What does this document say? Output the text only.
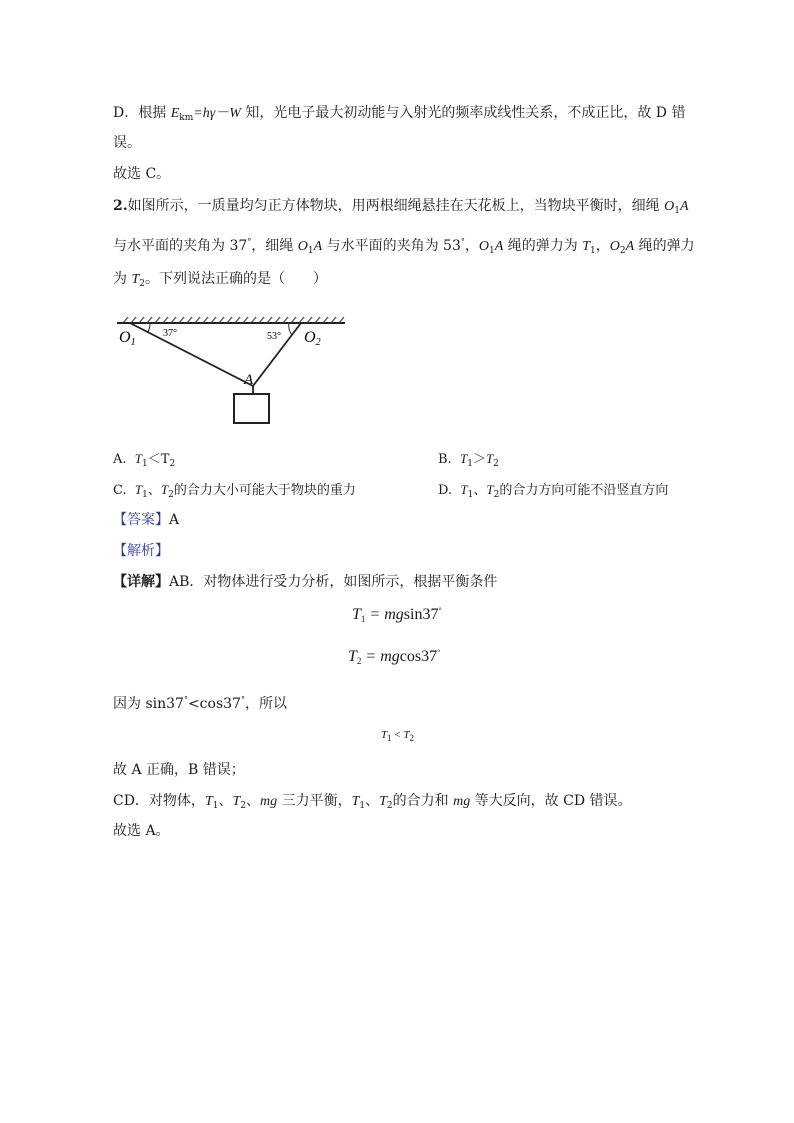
D．根据 $E_{km}=h\gamma-W$ 知，光电子最大初动能与入射光的频率成线性关系，不成正比，故 D 错
误。
故选 C。
2.如图所示，一质量均匀正方体物块，用两根细绳悬挂在天花板上，当物块平衡时，细绳 $O_1A$
与水平面的夹角为 37°，细绳 $O_1A$ 与水平面的夹角为 53°，$O_1A$ 绳的弹力为 $T_1$，$O_2A$ 绳的弹力
为 $T_2$。下列说法正确的是（　　）
O1	O2
37°	53°
A
A. $T_1<T_2$	B. $T_1>T_2$
C. $T_1$、$T_2$的合力大小可能大于物块的重力	D. $T_1$、$T_2$的合力方向可能不沿竖直方向
【答案】A
【解析】
【详解】AB．对物体进行受力分析，如图所示，根据平衡条件
$T_1 = mgsin37^\circ$
$T_2 = mgcos37^\circ$
因为 sin37°<cos37°，所以
$T_1 < T_2$
故 A 正确，B 错误；
CD．对物体，$T_1$、$T_2$、mg 三力平衡，$T_1$、$T_2$的合力和 mg 等大反向，故 CD 错误。
故选 A。
